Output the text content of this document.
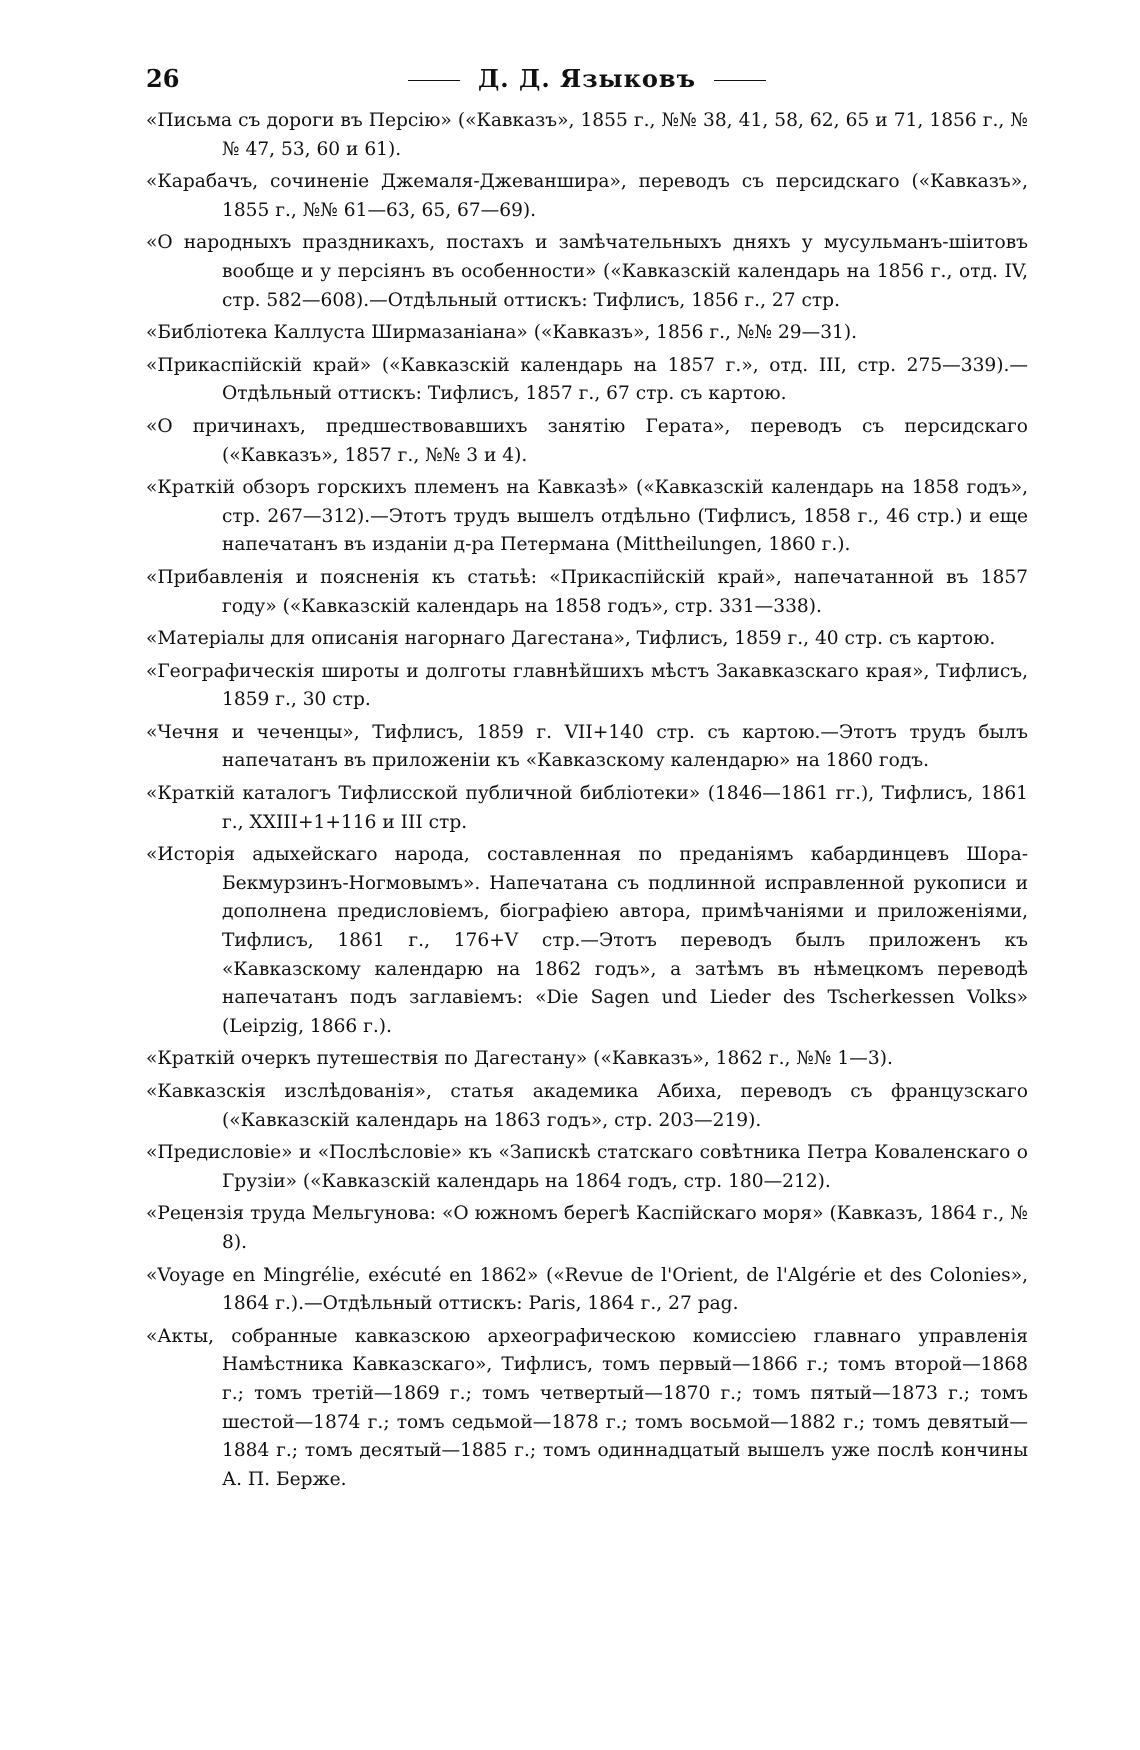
26	Д. Д. Языковъ

«Письма съ дороги въ Персію» («Кавказъ», 1855 г., №№ 38, 41, 58, 62, 65 и 71, 1856 г., №№ 47, 53, 60 и 61).

«Карабачъ, сочиненіе Джемаля-Джеваншира», переводъ съ персидскаго («Кавказъ», 1855 г., №№ 61—63, 65, 67—69).

«О народныхъ праздникахъ, постахъ и замѣчательныхъ дняхъ у мусульманъ-шіитовъ вообще и у персіянъ въ особенности» («Кавказскій календарь на 1856 г., отд. IV, стр. 582—608).—Отдѣльный оттискъ: Тифлисъ, 1856 г., 27 стр.

«Библіотека Каллуста Ширмазаніана» («Кавказъ», 1856 г., №№ 29—31).

«Прикаспійскій край» («Кавказскій календарь на 1857 г.», отд. III, стр. 275—339).—Отдѣльный оттискъ: Тифлисъ, 1857 г., 67 стр. съ картою.

«О причинахъ, предшествовавшихъ занятію Герата», переводъ съ персидскаго («Кавказъ», 1857 г., №№ 3 и 4).

«Краткій обзоръ горскихъ племенъ на Кавказѣ» («Кавказскій календарь на 1858 годъ», стр. 267—312).—Этотъ трудъ вышелъ отдѣльно (Тифлисъ, 1858 г., 46 стр.) и еще напечатанъ въ изданіи д-ра Петермана (Mittheilungen, 1860 г.).

«Прибавленія и поясненія къ статьѣ: «Прикаспійскій край», напечатанной въ 1857 году» («Кавказскій календарь на 1858 годъ», стр. 331—338).

«Матеріалы для описанія нагорнаго Дагестана», Тифлисъ, 1859 г., 40 стр. съ картою.

«Географическія широты и долготы главнѣйшихъ мѣстъ Закавказскаго края», Тифлисъ, 1859 г., 30 стр.

«Чечня и чеченцы», Тифлисъ, 1859 г. VII+140 стр. съ картою.—Этотъ трудъ былъ напечатанъ въ приложеніи къ «Кавказскому календарю» на 1860 годъ.

«Краткій каталогъ Тифлисской публичной библіотеки» (1846—1861 гг.), Тифлисъ, 1861 г., XXIII+1+116 и III стр.

«Исторія адыхейскаго народа, составленная по преданіямъ кабардинцевъ Шора-Бекмурзинъ-Ногмовымъ». Напечатана съ подлинной исправленной рукописи и дополнена предисловіемъ, біографіею автора, примѣчаніями и приложеніями, Тифлисъ, 1861 г., 176+V стр.—Этотъ переводъ былъ приложенъ къ «Кавказскому календарю на 1862 годъ», а затѣмъ въ нѣмецкомъ переводѣ напечатанъ подъ заглавіемъ: «Die Sagen und Lieder des Tscherkessen Volks» (Leipzig, 1866 г.).

«Краткій очеркъ путешествія по Дагестану» («Кавказъ», 1862 г., №№ 1—3).

«Кавказскія изслѣдованія», статья академика Абиха, переводъ съ французскаго («Кавказскій календарь на 1863 годъ», стр. 203—219).

«Предисловіе» и «Послѣсловіе» къ «Запискѣ статскаго совѣтника Петра Коваленскаго о Грузіи» («Кавказскій календарь на 1864 годъ, стр. 180—212).

«Рецензія труда Мельгунова: «О южномъ берегѣ Каспійскаго моря» (Кавказъ, 1864 г., № 8).

«Voyage en Mingrélie, exécuté en 1862» («Revue de l'Orient, de l'Algérie et des Colonies», 1864 г.).—Отдѣльный оттискъ: Paris, 1864 г., 27 pag.

«Акты, собранные кавказскою археографическою комиссіею главнаго управленія Намѣстника Кавказскаго», Тифлисъ, томъ первый—1866 г.; томъ второй—1868 г.; томъ третій—1869 г.; томъ четвертый—1870 г.; томъ пятый—1873 г.; томъ шестой—1874 г.; томъ седьмой—1878 г.; томъ восьмой—1882 г.; томъ девятый—1884 г.; томъ десятый—1885 г.; томъ одиннадцатый вышелъ уже послѣ кончины А. П. Берже.
